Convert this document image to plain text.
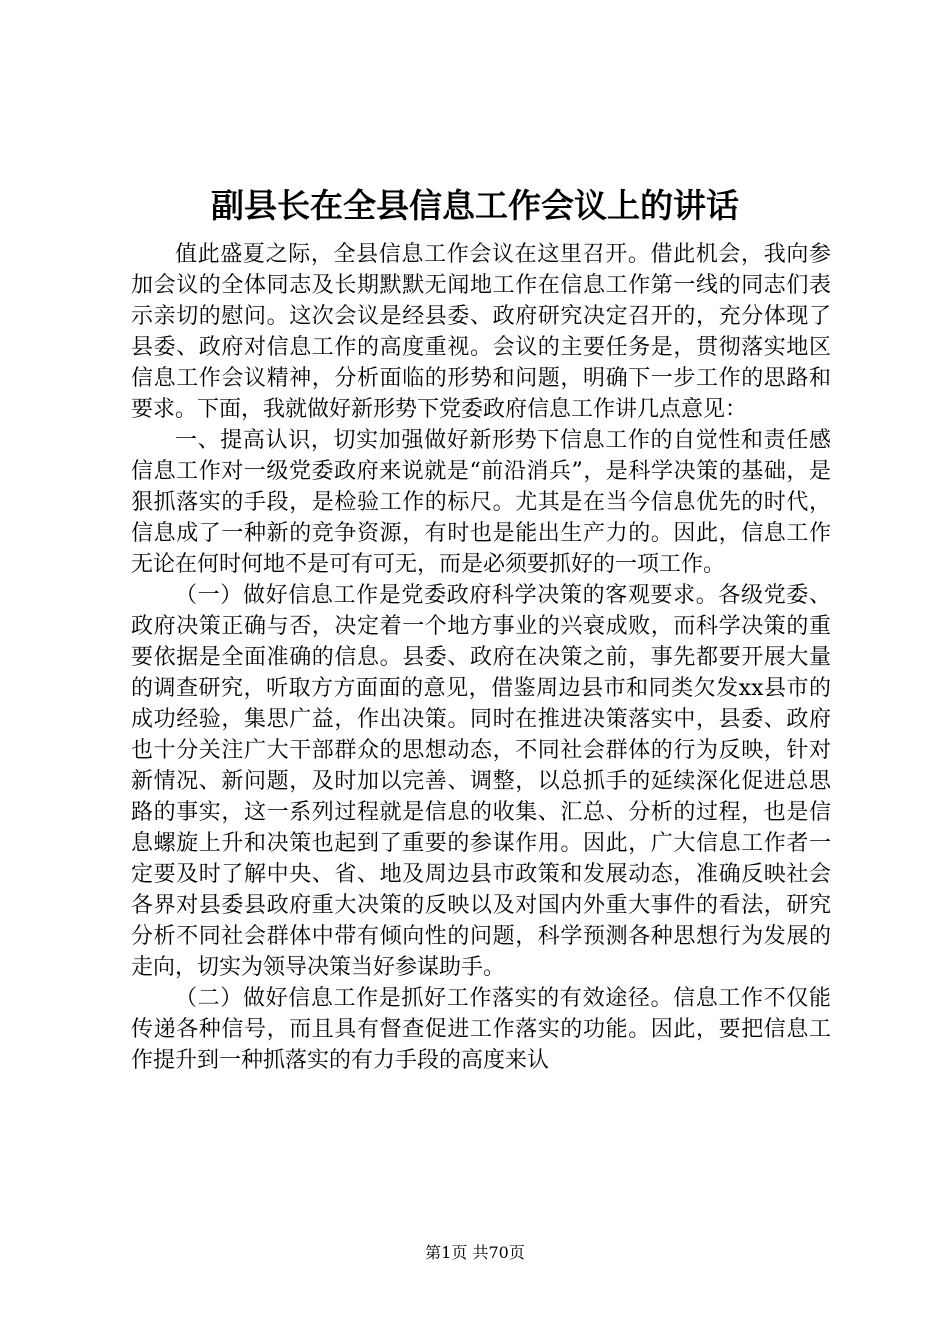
副县长在全县信息工作会议上的讲话

值此盛夏之际，全县信息工作会议在这里召开。借此机会，我向参加会议的全体同志及长期默默无闻地工作在信息工作第一线的同志们表示亲切的慰问。这次会议是经县委、政府研究决定召开的，充分体现了县委、政府对信息工作的高度重视。会议的主要任务是，贯彻落实地区信息工作会议精神，分析面临的形势和问题，明确下一步工作的思路和要求。下面，我就做好新形势下党委政府信息工作讲几点意见：

一、提高认识，切实加强做好新形势下信息工作的自觉性和责任感信息工作对一级党委政府来说就是“前沿消兵”，是科学决策的基础，是狠抓落实的手段，是检验工作的标尺。尤其是在当今信息优先的时代，信息成了一种新的竞争资源，有时也是能出生产力的。因此，信息工作无论在何时何地不是可有可无，而是必须要抓好的一项工作。

（一）做好信息工作是党委政府科学决策的客观要求。各级党委、政府决策正确与否，决定着一个地方事业的兴衰成败，而科学决策的重要依据是全面准确的信息。县委、政府在决策之前，事先都要开展大量的调查研究，听取方方面面的意见，借鉴周边县市和同类欠发xx县市的成功经验，集思广益，作出决策。同时在推进决策落实中，县委、政府也十分关注广大干部群众的思想动态，不同社会群体的行为反映，针对新情况、新问题，及时加以完善、调整，以总抓手的延续深化促进总思路的事实，这一系列过程就是信息的收集、汇总、分析的过程，也是信息螺旋上升和决策也起到了重要的参谋作用。因此，广大信息工作者一定要及时了解中央、省、地及周边县市政策和发展动态，准确反映社会各界对县委县政府重大决策的反映以及对国内外重大事件的看法，研究分析不同社会群体中带有倾向性的问题，科学预测各种思想行为发展的走向，切实为领导决策当好参谋助手。

（二）做好信息工作是抓好工作落实的有效途径。信息工作不仅能传递各种信号，而且具有督查促进工作落实的功能。因此，要把信息工作提升到一种抓落实的有力手段的高度来认

第1页 共70页
